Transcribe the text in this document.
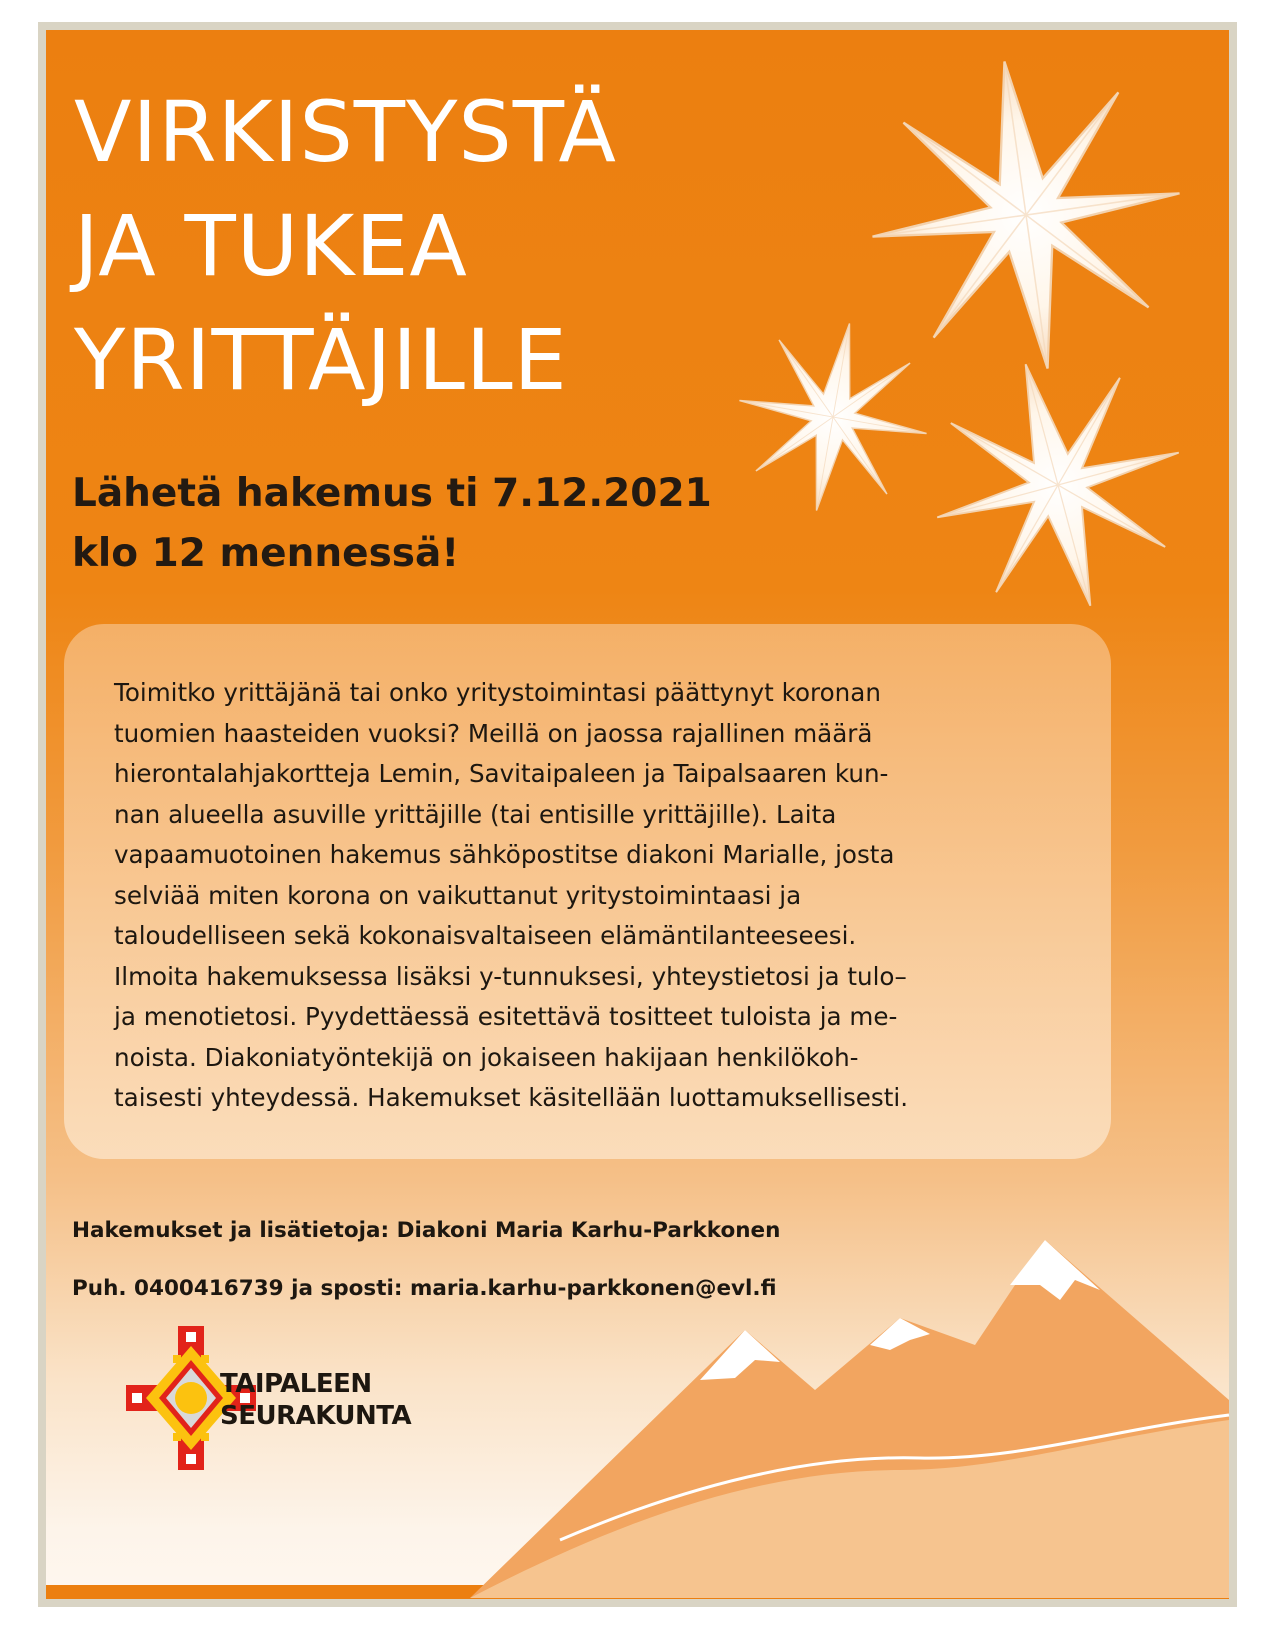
VIRKISTYSTÄ
JA TUKEA
YRITTÄJILLE
Lähetä hakemus ti 7.12.2021
klo 12 mennessä!

Toimitko yrittäjänä tai onko yritystoimintasi päättynyt koronan
tuomien haasteiden vuoksi? Meillä on jaossa rajallinen määrä
hierontalahjakortteja Lemin, Savitaipaleen ja Taipalsaaren kun-
nan alueella asuville yrittäjille (tai entisille yrittäjille). Laita
vapaamuotoinen hakemus sähköpostitse diakoni Marialle, josta
selviää miten korona on vaikuttanut yritystoimintaasi ja
taloudelliseen sekä kokonaisvaltaiseen elämäntilanteeseesi.
Ilmoita hakemuksessa lisäksi y-tunnuksesi, yhteystietosi ja tulo–
ja menotietosi. Pyydettäessä esitettävä tositteet tuloista ja me-
noista. Diakoniatyöntekijä on jokaiseen hakijaan henkilökoh-
taisesti yhteydessä. Hakemukset käsitellään luottamuksellisesti.

Hakemukset ja lisätietoja: Diakoni Maria Karhu-Parkkonen

Puh. 0400416739 ja sposti: maria.karhu-parkkonen@evl.fi

TAIPALEEN
SEURAKUNTA
